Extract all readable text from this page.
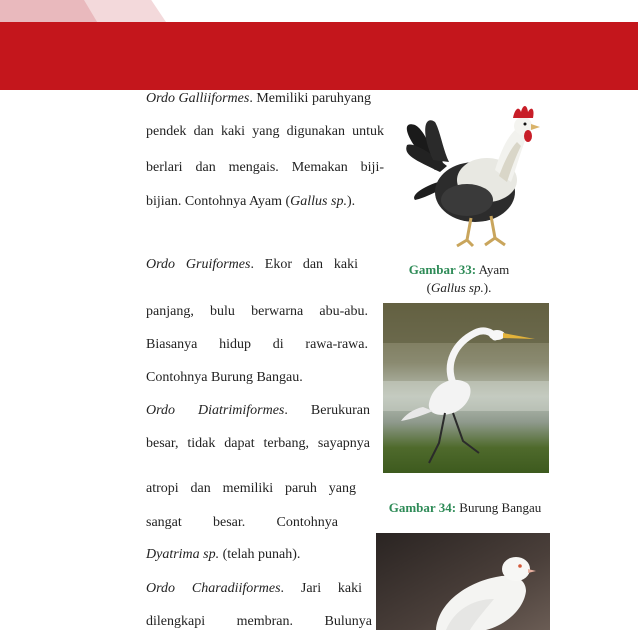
Ordo Galliiformes. Memiliki paruhyang
pendek dan kaki yang digunakan untuk
berlari dan mengais. Memakan biji-
bijian. Contohnya Ayam (Gallus sp.).
Ordo Gruiformes. Ekor dan kaki
panjang, bulu berwarna abu-abu.
Biasanya hidup di rawa-rawa.
Contohnya Burung Bangau.
Ordo Diatrimiformes. Berukuran
besar, tidak dapat terbang, sayapnya
atropi dan memiliki paruh yang
sangat besar. Contohnya
Dyatrima sp. (telah punah).
Ordo Charadiiformes. Jari kaki
dilengkapi membran. Bulunya
Gambar 33: Ayam
(Gallus sp.).
Gambar 34: Burung Bangau
